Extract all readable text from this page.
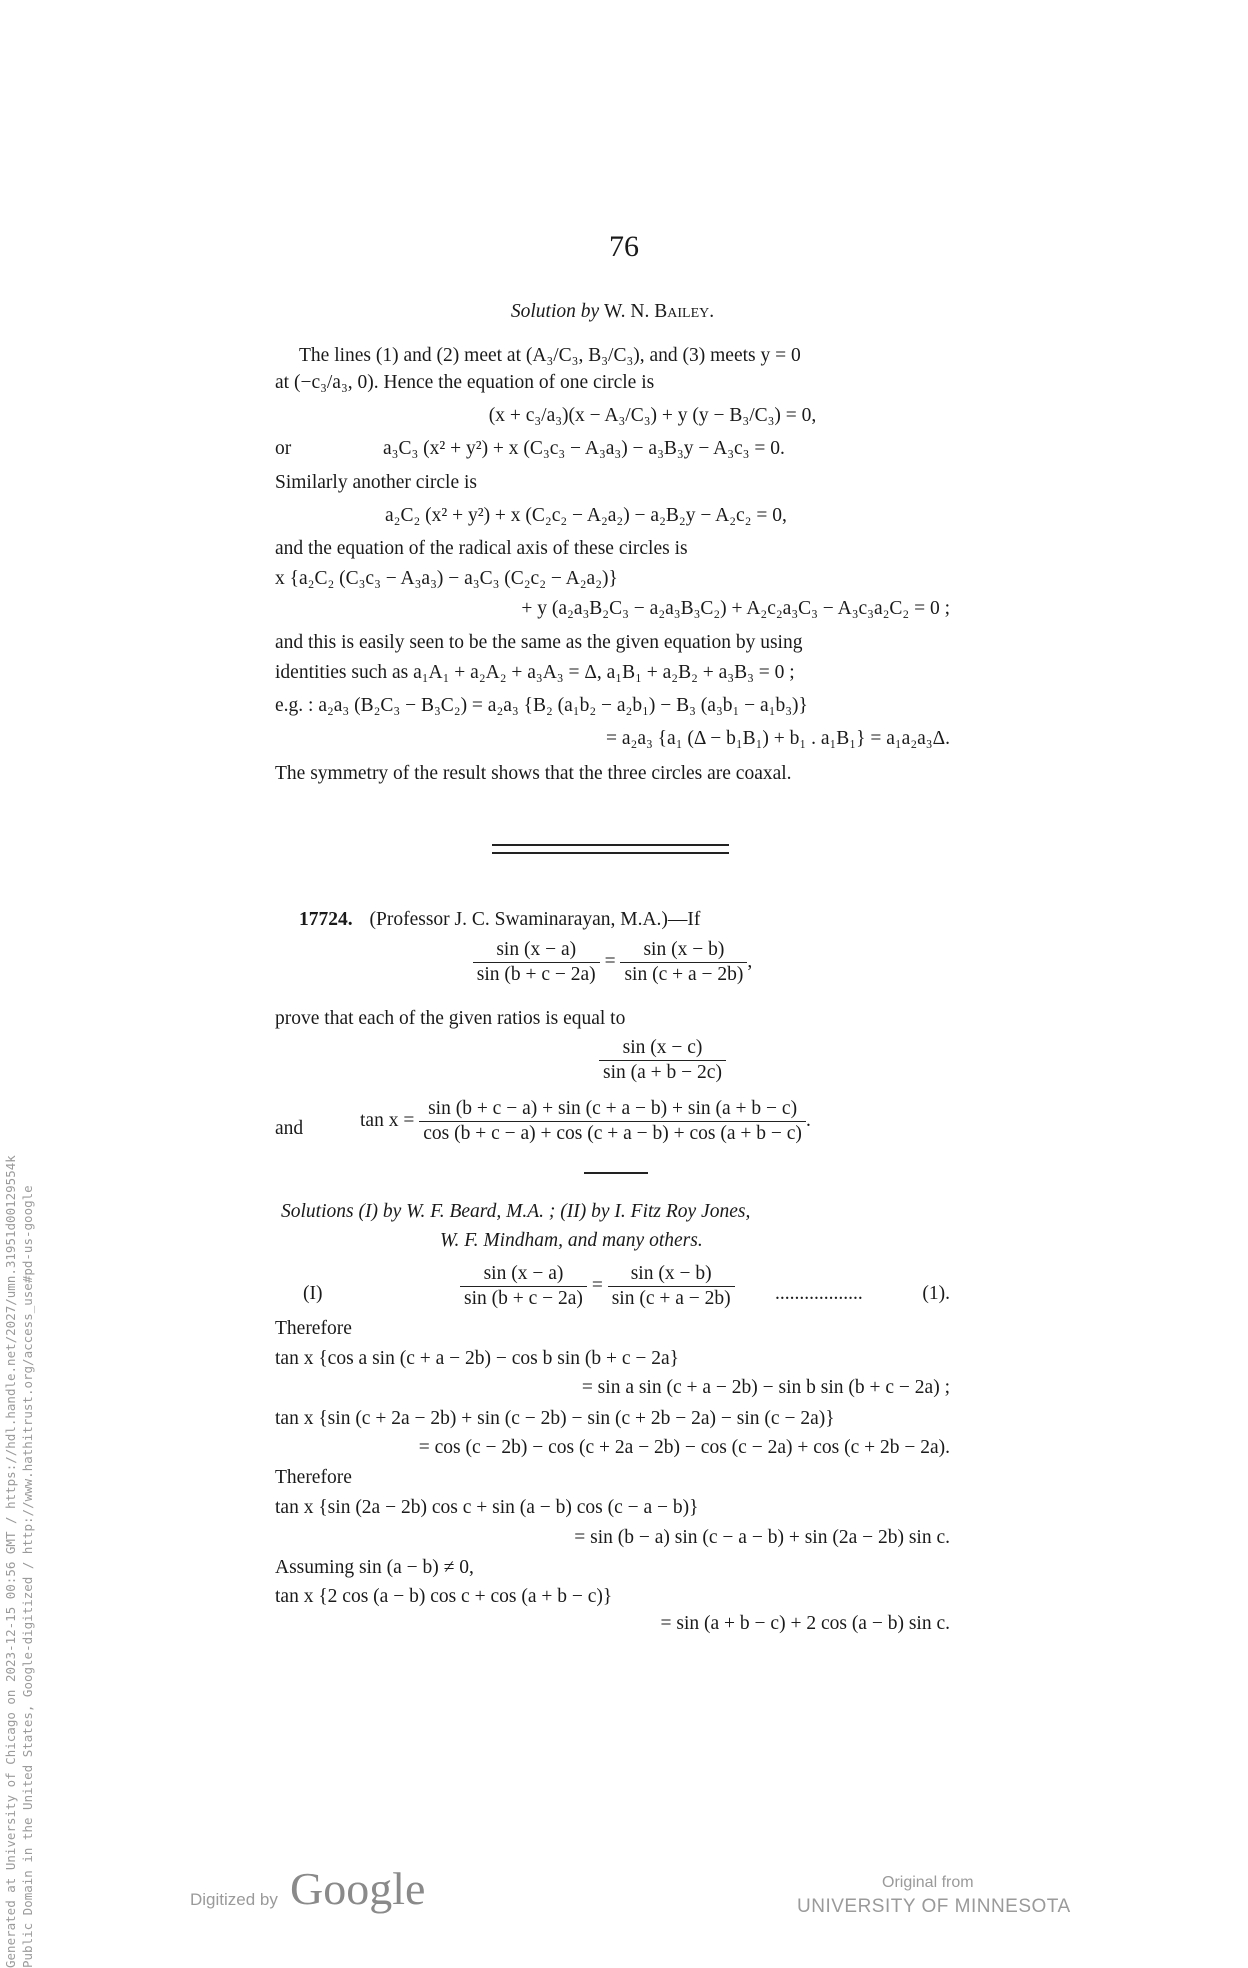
76
Solution by W. N. Bailey.
The lines (1) and (2) meet at (A₃/C₃, B₃/C₃), and (3) meets y = 0
at (−c₃/a₃, 0). Hence the equation of one circle is
(x + c₃/a₃)(x − A₃/C₃) + y (y − B₃/C₃) = 0,
or	a₃C₃ (x² + y²) + x (C₃c₃ − A₃a₃) − a₃B₃y − A₃c₃ = 0.
Similarly another circle is
a₂C₂ (x² + y²) + x (C₂c₂ − A₂a₂) − a₂B₂y − A₂c₂ = 0,
and the equation of the radical axis of these circles is
x {a₂C₂ (C₃c₃ − A₃a₃) − a₃C₃ (C₂c₂ − A₂a₂)}
+ y (a₂a₃B₂C₃ − a₂a₃B₃C₂) + A₂c₂a₃C₃ − A₃c₃a₂C₂ = 0 ;
and this is easily seen to be the same as the given equation by using
identities such as a₁A₁ + a₂A₂ + a₃A₃ = Δ, a₁B₁ + a₂B₂ + a₃B₃ = 0 ;
e.g. : a₂a₃ (B₂C₃ − B₃C₂) = a₂a₃ {B₂ (a₁b₂ − a₂b₁) − B₃ (a₃b₁ − a₁b₃)}
= a₂a₃ {a₁ (Δ − b₁B₁) + b₁ . a₁B₁} = a₁a₂a₃Δ.
The symmetry of the result shows that the three circles are coaxal.
17724. (Professor J. C. Swaminarayan, M.A.)—If
$\frac{\sin (x - a)}{\sin (b + c - 2a)} = \frac{\sin (x - b)}{\sin (c + a - 2b)}$ ,
prove that each of the given ratios is equal to
$\frac{\sin (x - c)}{\sin (a + b - 2c)}$
and	$\tan x = \frac{\sin (b + c - a) + \sin (c + a - b) + \sin (a + b - c)}{\cos (b + c - a) + \cos (c + a - b) + \cos (a + b - c)}$ .
Solutions (I) by W. F. Beard, M.A. ; (II) by I. Fitz Roy Jones,
W. F. Mindham, and many others.
(I)	$\frac{\sin (x - a)}{\sin (b + c - 2a)} = \frac{\sin (x - b)}{\sin (c + a - 2b)}$ ..................	(1).
Therefore
tan x {cos a sin (c + a − 2b) − cos b sin (b + c − 2a}
= sin a sin (c + a − 2b) − sin b sin (b + c − 2a) ;
tan x {sin (c + 2a − 2b) + sin (c − 2b) − sin (c + 2b − 2a) − sin (c − 2a)}
= cos (c − 2b) − cos (c + 2a − 2b) − cos (c − 2a) + cos (c + 2b − 2a).
Therefore
tan x {sin (2a − 2b) cos c + sin (a − b) cos (c − a − b)}
= sin (b − a) sin (c − a − b) + sin (2a − 2b) sin c.
Assuming sin (a − b) ≠ 0,
tan x {2 cos (a − b) cos c + cos (a + b − c)}
= sin (a + b − c) + 2 cos (a − b) sin c.
Generated at University of Chicago on 2023-12-15 00:56 GMT / https://hdl.handle.net/2027/umn.31951d00129554k Public Domain in the United States, Google-digitized / http://www.hathitrust.org/access_use#pd-us-google	Digitized by Google	Original from
UNIVERSITY OF MINNESOTA
